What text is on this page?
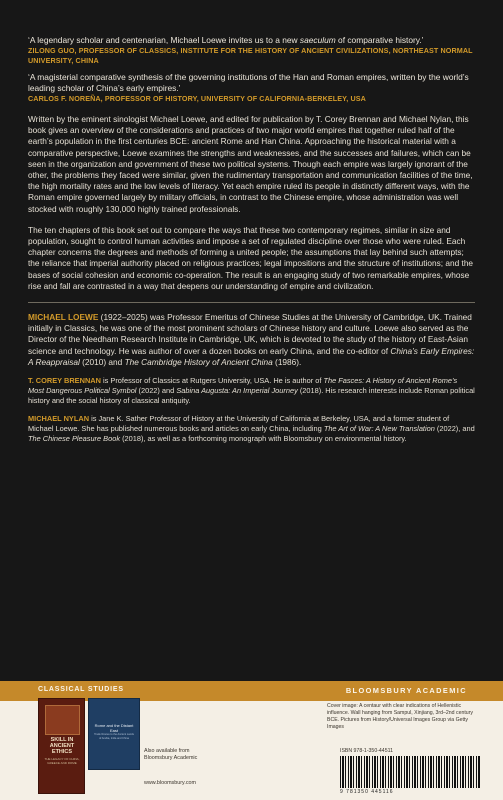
‘A legendary scholar and centenarian, Michael Loewe invites us to a new saeculum of comparative history.’
ZILONG GUO, PROFESSOR OF CLASSICS, INSTITUTE FOR THE HISTORY OF ANCIENT CIVILIZATIONS, NORTHEAST NORMAL UNIVERSITY, CHINA
‘A magisterial comparative synthesis of the governing institutions of the Han and Roman empires, written by the world’s leading scholar of China’s early empires.’
CARLOS F. NOREÑA, PROFESSOR OF HISTORY, UNIVERSITY OF CALIFORNIA-BERKELEY, USA

Written by the eminent sinologist Michael Loewe, and edited for publication by T. Corey Brennan and Michael Nylan, this book gives an overview of the considerations and practices of two major world empires that together ruled half of the earth’s population in the first centuries BCE: ancient Rome and Han China. Approaching the historical material with a comparative perspective, Loewe examines the strengths and weaknesses, and the successes and failures, which can be seen in the organization and government of these two political systems. Though each empire was largely ignorant of the other, the problems they faced were similar, given the rudimentary transportation and communication facilities of the time, the high mortality rates and the low levels of literacy. Yet each empire ruled its people in distinctly different ways, with the Roman empire governed largely by military officials, in contrast to the Chinese empire, whose administration was well stocked with roughly 130,000 highly trained professionals.

The ten chapters of this book set out to compare the ways that these two contemporary regimes, similar in size and population, sought to control human activities and impose a set of regulated discipline over those who were ruled. Each chapter concerns the degrees and methods of forming a united people; the assumptions that lay behind such attempts; the reliance that imperial authority placed on religious practices; legal impositions and the structure of institutions; and the bases of social cohesion and economic co-operation. The result is an engaging study of two remarkable empires, whose rise and fall are contrasted in a way that deepens our understanding of empire and civilization.

MICHAEL LOEWE (1922–2025) was Professor Emeritus of Chinese Studies at the University of Cambridge, UK. Trained initially in Classics, he was one of the most prominent scholars of Chinese history and culture. Loewe also served as the Director of the Needham Research Institute in Cambridge, UK, which is devoted to the study of the history of East-Asian science and technology. He was author of over a dozen books on early China, and the co-editor of China’s Early Empires: A Reappraisal (2010) and The Cambridge History of Ancient China (1986).

T. COREY BRENNAN is Professor of Classics at Rutgers University, USA. He is author of The Fasces: A History of Ancient Rome’s Most Dangerous Political Symbol (2022) and Sabina Augusta: An Imperial Journey (2018). His research interests include Roman political history and the social history of classical antiquity.

MICHAEL NYLAN is Jane K. Sather Professor of History at the University of California at Berkeley, USA, and a former student of Michael Loewe. She has published numerous books and articles on early China, including The Art of War: A New Translation (2022), and The Chinese Pleasure Book (2018), as well as a forthcoming monograph with Bloomsbury on environmental history.

CLASSICAL STUDIES	BLOOMSBURY ACADEMIC
SKILL IN ANCIENT ETHICS
THE LEGACY OF CHINA, GREECE AND ROME
Rome and the Distant East
Trade Routes to the Ancient Lands of Arabia, India and China
Also available from
Bloomsbury Academic
www.bloomsbury.com
Cover image: A centaur with clear indications of Hellenistic influence. Wall hanging from Sampul, Xinjiang, 3rd–2nd century BCE. Pictures from History/Universal Images Group via Getty Images
ISBN 978-1-350-44511
9 781350 445116
